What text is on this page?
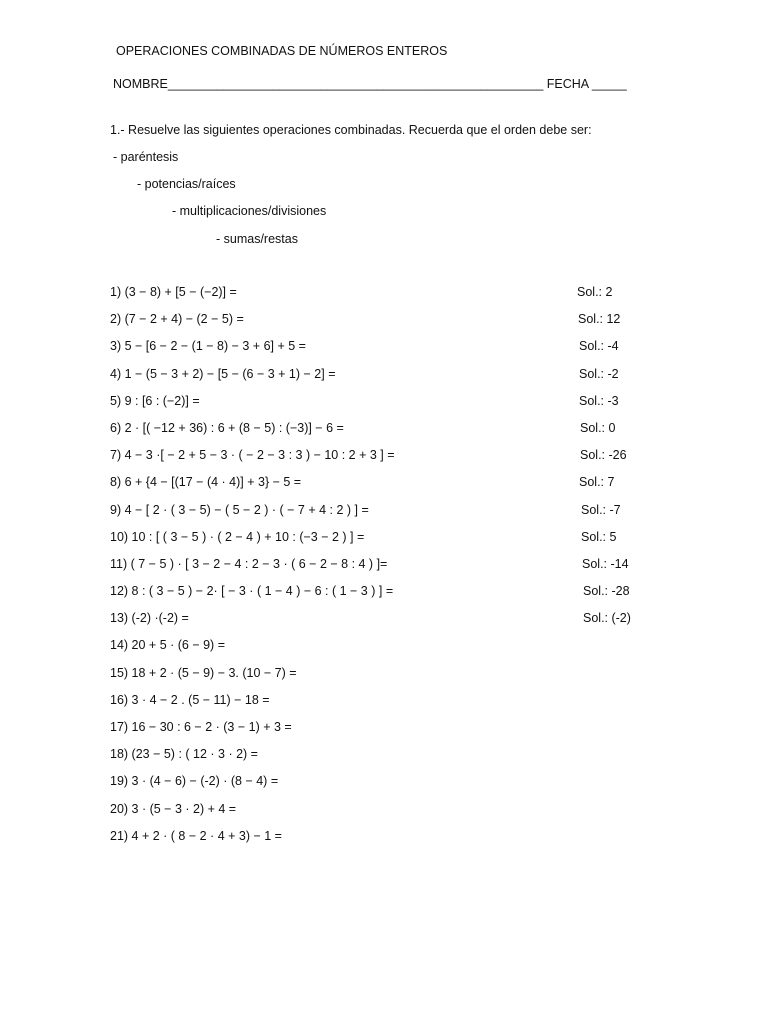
OPERACIONES COMBINADAS DE NÚMEROS ENTEROS
NOMBRE______________________________________________________ FECHA _____
1.- Resuelve las siguientes operaciones combinadas. Recuerda que el orden debe ser:
- paréntesis
- potencias/raíces
- multiplicaciones/divisiones
- sumas/restas
1) (3 − 8) + [5 − (−2)] =	Sol.: 2
2) (7 − 2 + 4) − (2 − 5) =	Sol.: 12
3) 5 − [6 − 2 − (1 − 8) − 3 + 6] + 5 =	Sol.: -4
4) 1 − (5 − 3 + 2) − [5 − (6 − 3 + 1) − 2] =	Sol.: -2
5) 9 : [6 : (−2)] =	Sol.: -3
6) 2 · [( −12 + 36) : 6 + (8 − 5) : (−3)] − 6 =	Sol.: 0
7) 4 − 3 ·[ − 2 + 5 − 3 · ( − 2 − 3 : 3 ) − 10 : 2 + 3 ] =	Sol.: -26
8) 6 + {4 − [(17 − (4 · 4)] + 3} − 5 =	Sol.: 7
9) 4 − [ 2 · ( 3 − 5) − ( 5 − 2 ) · ( − 7 + 4 : 2 ) ] =	Sol.: -7
10) 10 : [ ( 3 − 5 ) · ( 2 − 4 ) + 10 : (−3 − 2 ) ] =	Sol.: 5
11) ( 7 − 5 ) · [ 3 − 2 − 4 : 2 − 3 · ( 6 − 2 − 8 : 4 ) ]=	Sol.: -14
12) 8 : ( 3 − 5 ) − 2· [ − 3 · ( 1 − 4 ) − 6 : ( 1 − 3 ) ] =	Sol.: -28
13) (-2) ·(-2) =	Sol.: (-2)
14) 20 + 5 · (6 − 9) =
15) 18 + 2 · (5 − 9) − 3. (10 − 7) =
16) 3 · 4 − 2 . (5 − 11) − 18 =
17) 16 − 30 : 6 − 2 · (3 − 1) + 3 =
18) (23 − 5) : ( 12 · 3 · 2) =
19) 3 · (4 − 6) − (-2) · (8 − 4) =
20) 3 · (5 − 3 · 2) + 4 =
21) 4 + 2 · ( 8 − 2 · 4 + 3) − 1 =
